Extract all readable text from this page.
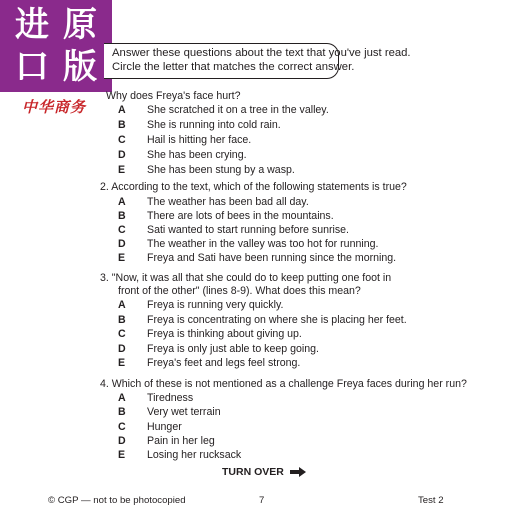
进 原
口 版
中华商务
Answer these questions about the text that you've just read.
Circle the letter that matches the correct answer.
Why does Freya's face hurt?
A She scratched it on a tree in the valley.
B She is running into cold rain.
C Hail is hitting her face.
D She has been crying.
E She has been stung by a wasp.
2. According to the text, which of the following statements is true?
A The weather has been bad all day.
B There are lots of bees in the mountains.
C Sati wanted to start running before sunrise.
D The weather in the valley was too hot for running.
E Freya and Sati have been running since the morning.
3. "Now, it was all that she could do to keep putting one foot in
front of the other" (lines 8-9). What does this mean?
A Freya is running very quickly.
B Freya is concentrating on where she is placing her feet.
C Freya is thinking about giving up.
D Freya is only just able to keep going.
E Freya's feet and legs feel strong.
4. Which of these is not mentioned as a challenge Freya faces during her run?
A Tiredness
B Very wet terrain
C Hunger
D Pain in her leg
E Losing her rucksack
TURN OVER
© CGP — not to be photocopied	7	Test 2
